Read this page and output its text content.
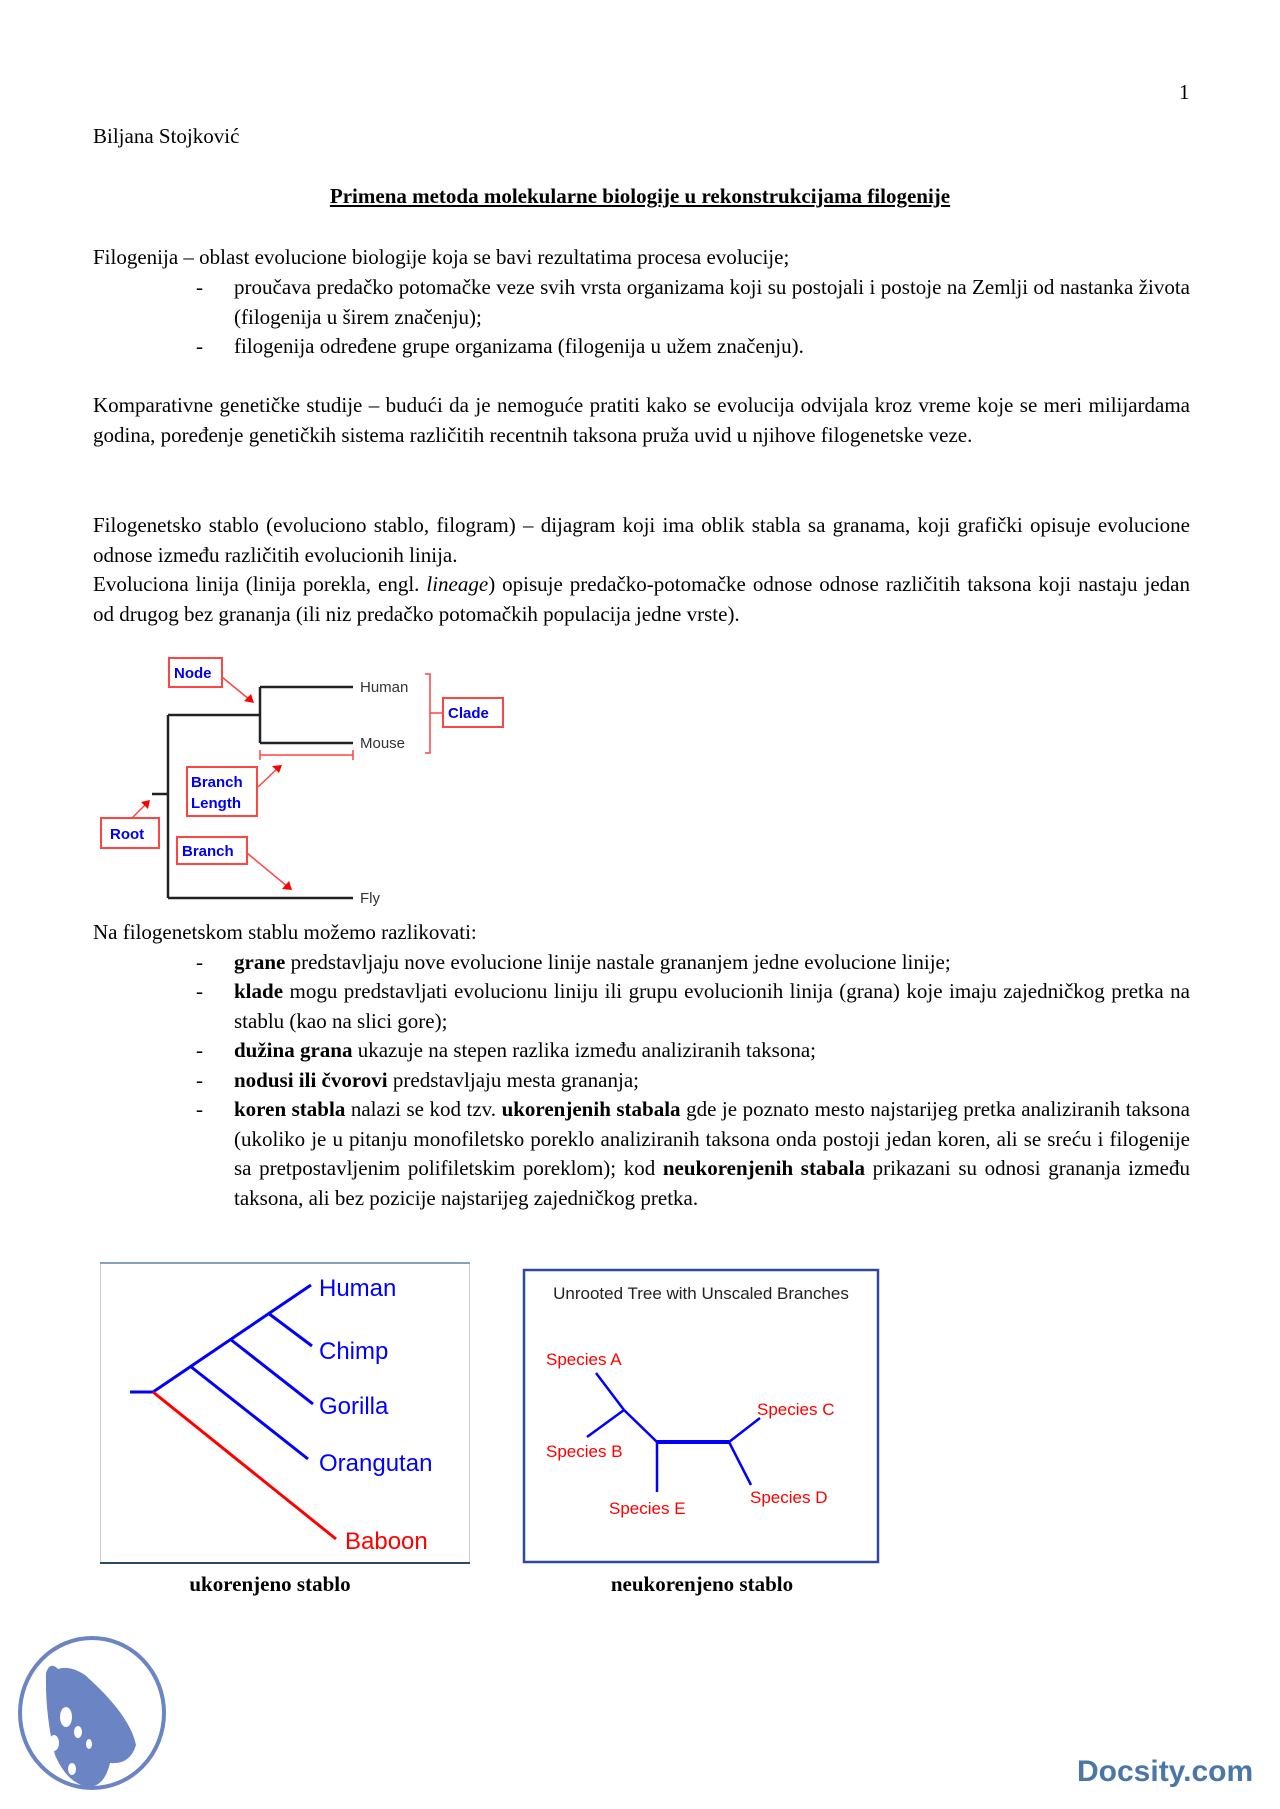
1
Biljana Stojković
Primena metoda molekularne biologije u rekonstrukcijama filogenije
Filogenija – oblast evolucione biologije koja se bavi rezultatima procesa evolucije;
- proučava predačko potomačke veze svih vrsta organizama koji su postojali i postoje na Zemlji od nastanka života (filogenija u širem značenju);
- filogenija određene grupe organizama (filogenija u užem značenju).
Komparativne genetičke studije – budući da je nemoguće pratiti kako se evolucija odvijala kroz vreme koje se meri milijardama godina, poređenje genetičkih sistema različitih recentnih taksona pruža uvid u njihove filogenetske veze.
Filogenetsko stablo (evoluciono stablo, filogram) – dijagram koji ima oblik stabla sa granama, koji grafički opisuje evolucione odnose između različitih evolucionih linija.
Evoluciona linija (linija porekla, engl. lineage) opisuje predačko-potomačke odnose odnose različitih taksona koji nastaju jedan od drugog bez grananja (ili niz predačko potomačkih populacija jedne vrste).
Human
Mouse
Fly
Node
Clade
Branch
Length
Root
Branch
Na filogenetskom stablu možemo razlikovati:
- grane predstavljaju nove evolucione linije nastale grananjem jedne evolucione linije;
- klade mogu predstavljati evolucionu liniju ili grupu evolucionih linija (grana) koje imaju zajedničkog pretka na stablu (kao na slici gore);
- dužina grana ukazuje na stepen razlika između analiziranih taksona;
- nodusi ili čvorovi predstavljaju mesta grananja;
- koren stabla nalazi se kod tzv. ukorenjenih stabala gde je poznato mesto najstarijeg pretka analiziranih taksona (ukoliko je u pitanju monofiletsko poreklo analiziranih taksona onda postoji jedan koren, ali se sreću i filogenije sa pretpostavljenim polifiletskim poreklom); kod neukorenjenih stabala prikazani su odnosi grananja između taksona, ali bez pozicije najstarijeg zajedničkog pretka.
Human
Chimp
Gorilla
Orangutan
Baboon
Unrooted Tree with Unscaled Branches
Species A
Species B
Species C
Species D
Species E
ukorenjeno stablo	neukorenjeno stablo
Docsity.com
